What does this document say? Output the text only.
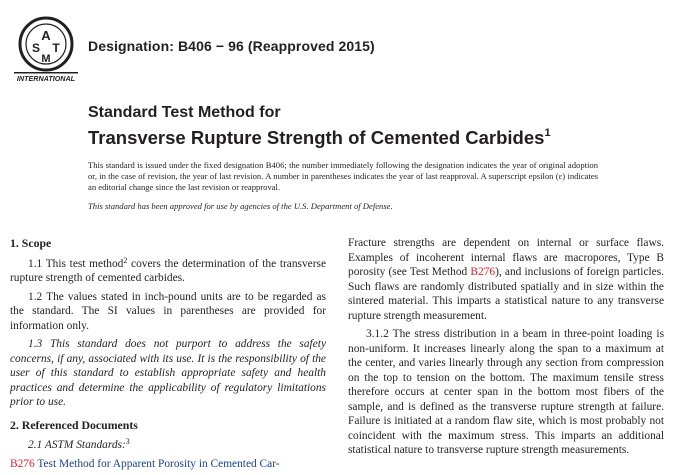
A
S T
M
INTERNATIONAL
Designation: B406 − 96 (Reapproved 2015)
Standard Test Method for
Transverse Rupture Strength of Cemented Carbides$^1$
This standard is issued under the fixed designation B406; the number immediately following the designation indicates the year of original adoption or, in the case of revision, the year of last revision. A number in parentheses indicates the year of last reapproval. A superscript epsilon (ε) indicates an editorial change since the last revision or reapproval.
This standard has been approved for use by agencies of the U.S. Department of Defense.
1. Scope

1.1 This test method$^2$ covers the determination of the transverse rupture strength of cemented carbides.

1.2 The values stated in inch-pound units are to be regarded as the standard. The SI values in parentheses are provided for information only.

1.3 This standard does not purport to address the safety concerns, if any, associated with its use. It is the responsibility of the user of this standard to establish appropriate safety and health practices and determine the applicability of regulatory limitations prior to use.

2. Referenced Documents

2.1 ASTM Standards:$^3$

B276 Test Method for Apparent Porosity in Cemented Car-

Fracture strengths are dependent on internal or surface flaws. Examples of incoherent internal flaws are macropores, Type B porosity (see Test Method B276), and inclusions of foreign particles. Such flaws are randomly distributed spatially and in size within the sintered material. This imparts a statistical nature to any transverse rupture strength measurement.

3.1.2 The stress distribution in a beam in three-point loading is non-uniform. It increases linearly along the span to a maximum at the center, and varies linearly through any section from compression on the top to tension on the bottom. The maximum tensile stress therefore occurs at center span in the bottom most fibers of the sample, and is defined as the transverse rupture strength at failure. Failure is initiated at a random flaw site, which is most probably not coincident with the maximum stress. This imparts an additional statistical nature to transverse rupture strength measurements.
